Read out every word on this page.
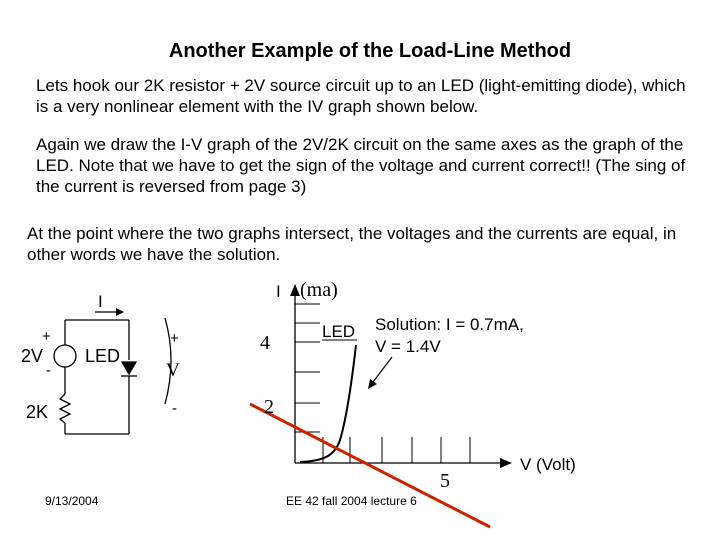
Another Example of the Load-Line Method
Lets hook our 2K resistor + 2V source circuit up to an LED (light-emitting diode), which is a very nonlinear element with the IV graph shown below.
Again we draw the I-V graph of the 2V/2K circuit on the same axes as the graph of the LED. Note that we have to get the sign of the voltage and current correct!! (The sing of the current is reversed from page 3)
At the point where the two graphs intersect, the voltages and the currents are equal, in other words we have the solution.
I
+
-
2V LED
2K
+
V
-
I (ma)
4
2
5
V (Volt)
LED Solution: I = 0.7mA,
V = 1.4V
9/13/2004	EE 42 fall 2004 lecture 6
